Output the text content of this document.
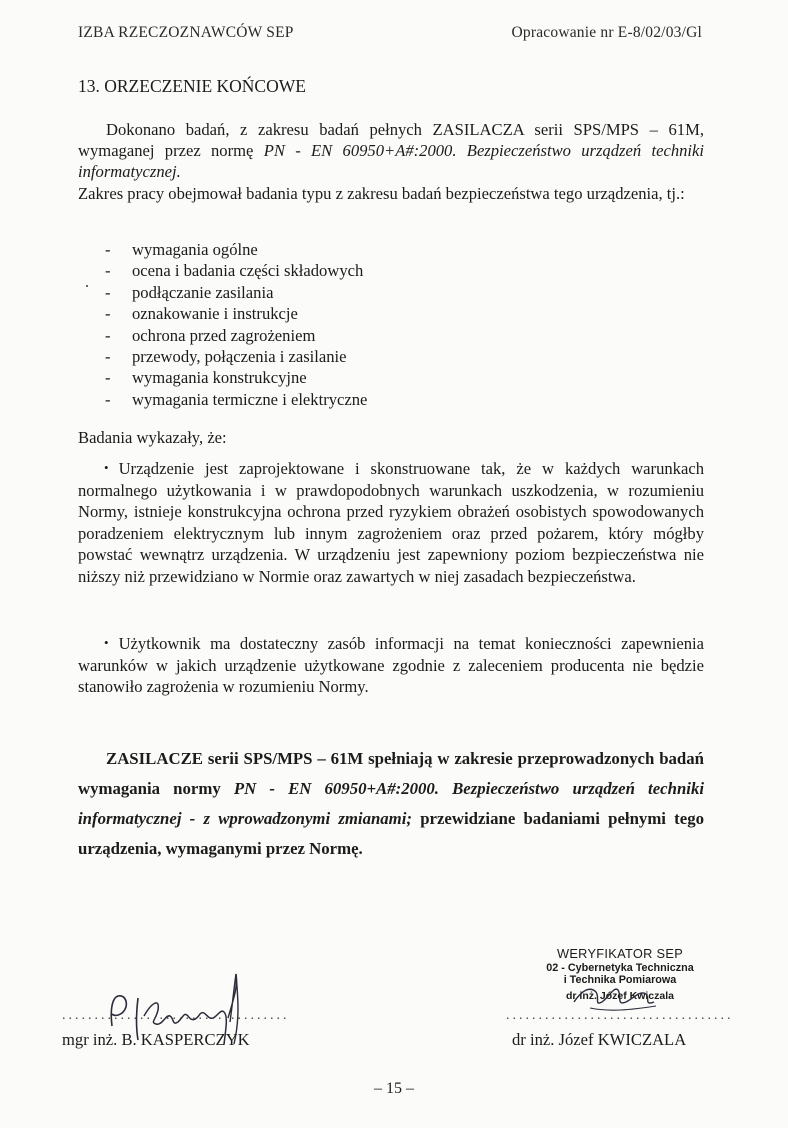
IZBA RZECZOZNAWCÓW SEP	Opracowanie nr E-8/02/03/Gl
13. ORZECZENIE KOŃCOWE
Dokonano badań, z zakresu badań pełnych ZASILACZA serii SPS/MPS – 61M, wymaganej przez normę PN - EN 60950+A#:2000. Bezpieczeństwo urządzeń techniki informatycznej.
Zakres pracy obejmował badania typu z zakresu badań bezpieczeństwa tego urządzenia, tj.:
- wymagania ogólne
- ocena i badania części składowych
- podłączanie zasilania
- oznakowanie i instrukcje
- ochrona przed zagrożeniem
- przewody, połączenia i zasilanie
- wymagania konstrukcyjne
- wymagania termiczne i elektryczne
Badania wykazały, że:
• Urządzenie jest zaprojektowane i skonstruowane tak, że w każdych warunkach normalnego użytkowania i w prawdopodobnych warunkach uszkodzenia, w rozumieniu Normy, istnieje konstrukcyjna ochrona przed ryzykiem obrażeń osobistych spowodowanych poradzeniem elektrycznym lub innym zagrożeniem oraz przed pożarem, który mógłby powstać wewnątrz urządzenia. W urządzeniu jest zapewniony poziom bezpieczeństwa nie niższy niż przewidziano w Normie oraz zawartych w niej zasadach bezpieczeństwa.
• Użytkownik ma dostateczny zasób informacji na temat konieczności zapewnienia warunków w jakich urządzenie użytkowane zgodnie z zaleceniem producenta nie będzie stanowiło zagrożenia w rozumieniu Normy.
ZASILACZE serii SPS/MPS – 61M spełniają w zakresie przeprowadzonych badań wymagania normy PN - EN 60950+A#:2000. Bezpieczeństwo urządzeń techniki informatycznej - z wprowadzonymi zmianami; przewidziane badaniami pełnymi tego urządzenia, wymaganymi przez Normę.
...................................
mgr inż. B. KASPERCZYK
WERYFIKATOR SEP
02 - Cybernetyka Techniczna
i Technika Pomiarowa
dr inż. Józef Kwiczala
...................................
dr inż. Józef KWICZALA
– 15 –
